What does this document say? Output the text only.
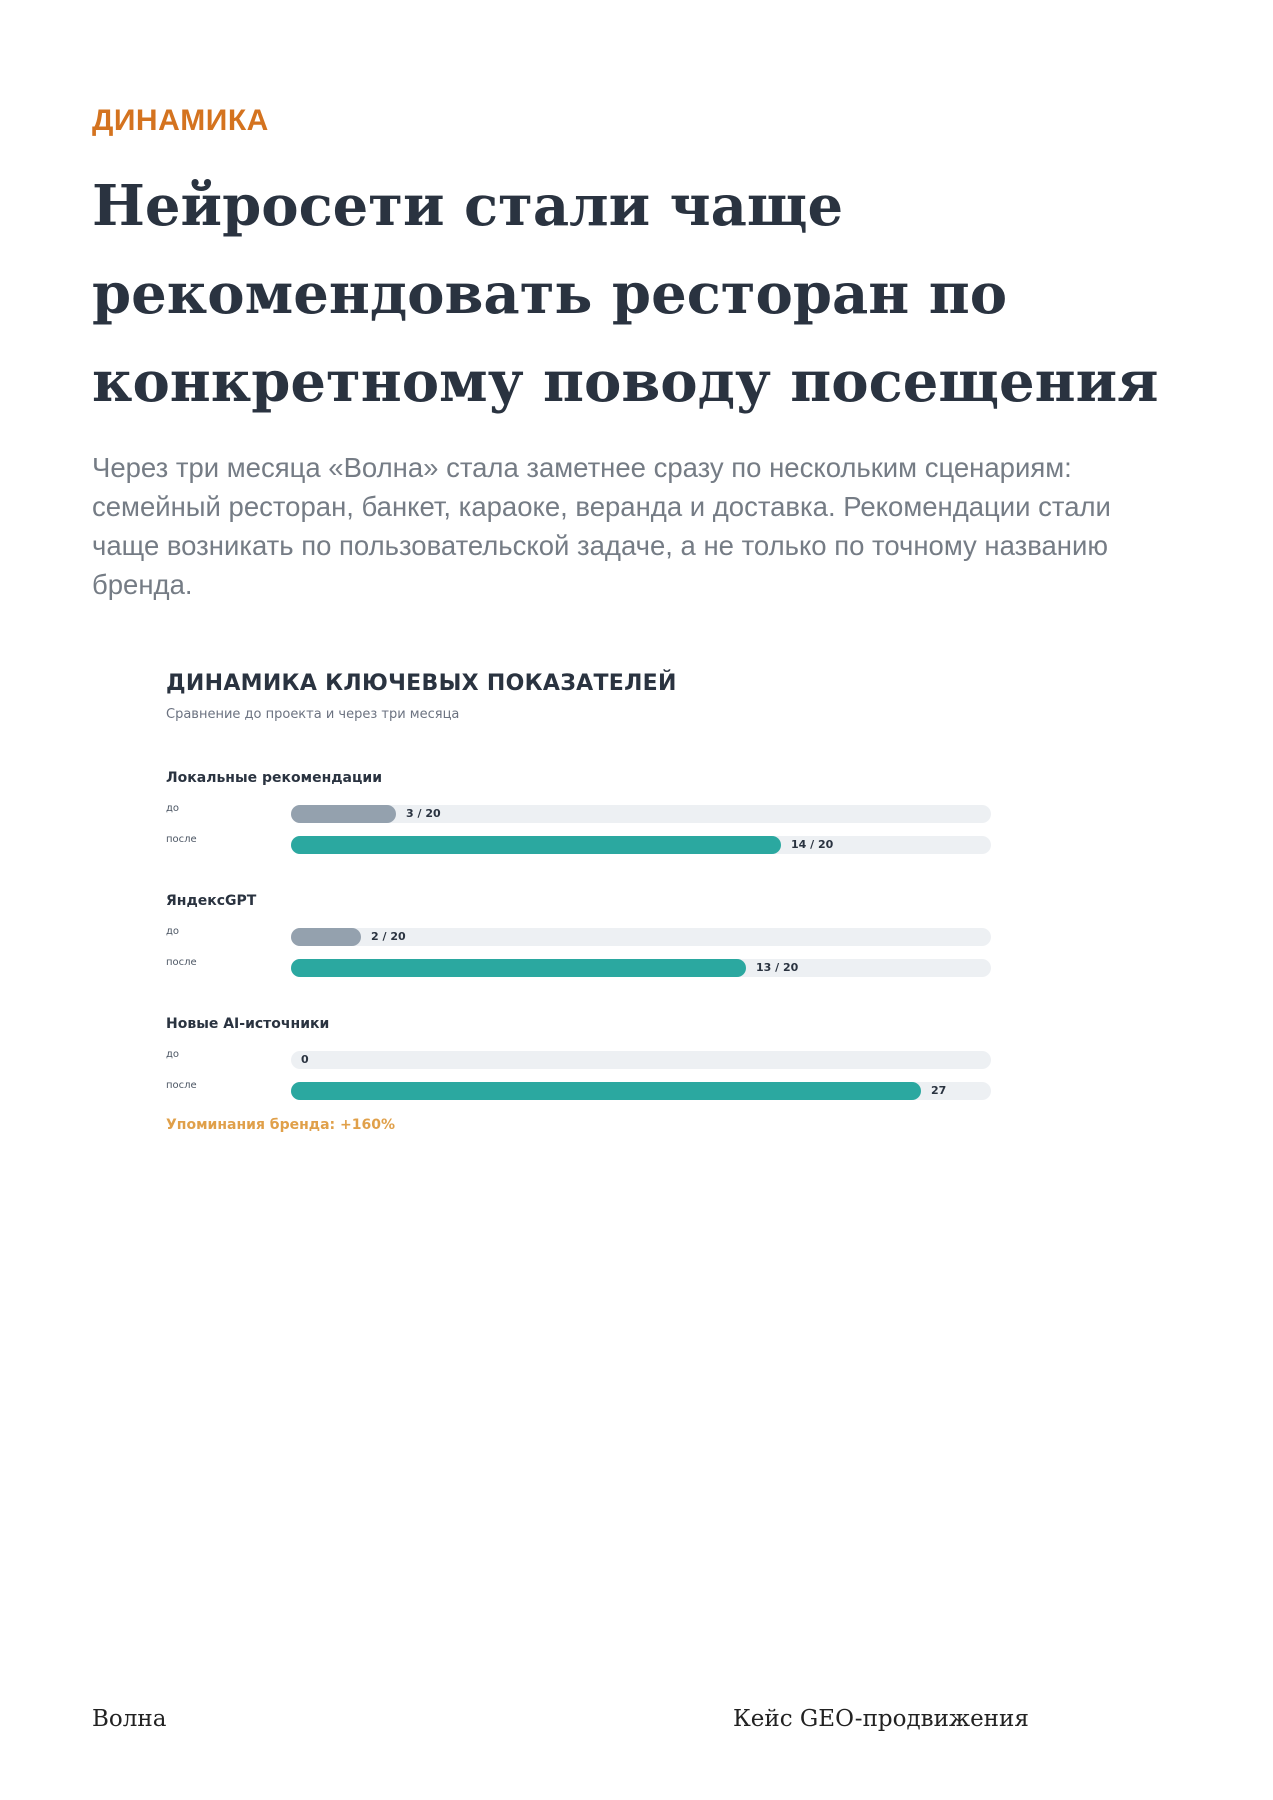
ДИНАМИКА
Нейросети стали чаще рекомендовать ресторан по конкретному поводу посещения

Через три месяца «Волна» стала заметнее сразу по нескольким сценариям: семейный ресторан, банкет, караоке, веранда и доставка. Рекомендации стали чаще возникать по пользовательской задаче, а не только по точному названию бренда.

ДИНАМИКА КЛЮЧЕВЫХ ПОКАЗАТЕЛЕЙ
Сравнение до проекта и через три месяца
Упоминания бренда: +160%
Локальные рекомендации
до	3 / 20
после	14 / 20
ЯндексGPT
до	2 / 20
после	13 / 20
Новые AI-источники
до	0
после	27
Волна	Кейс GEO-продвижения
